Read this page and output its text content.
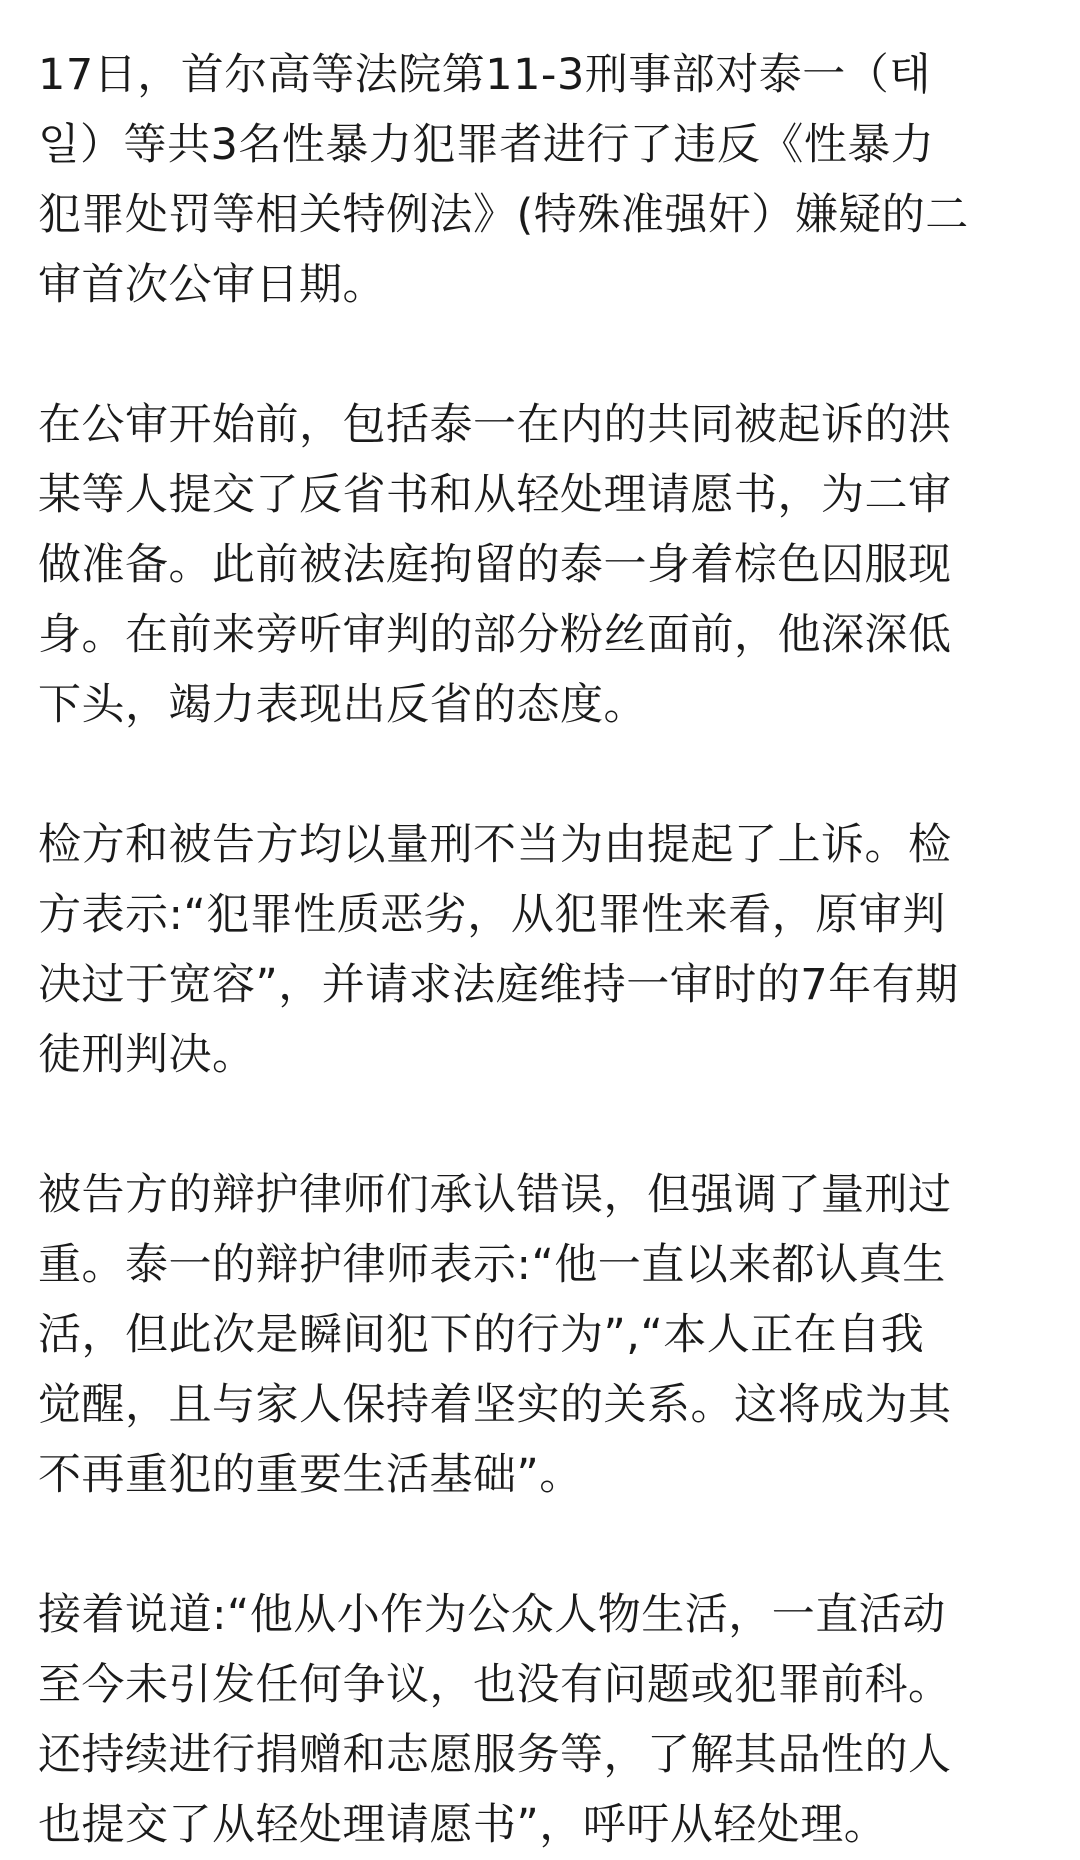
17日，首尔高等法院第11-3刑事部对泰一（태
일）等共3名性暴力犯罪者进行了违反《性暴力
犯罪处罚等相关特例法》(特殊准强奸）嫌疑的二
审首次公审日期。

在公审开始前，包括泰一在内的共同被起诉的洪
某等人提交了反省书和从轻处理请愿书，为二审
做准备。此前被法庭拘留的泰一身着棕色囚服现
身。在前来旁听审判的部分粉丝面前，他深深低
下头，竭力表现出反省的态度。

检方和被告方均以量刑不当为由提起了上诉。检
方表示:“犯罪性质恶劣，从犯罪性来看，原审判
决过于宽容”，并请求法庭维持一审时的7年有期
徒刑判决。

被告方的辩护律师们承认错误，但强调了量刑过
重。泰一的辩护律师表示:“他一直以来都认真生
活，但此次是瞬间犯下的行为”,“本人正在自我
觉醒，且与家人保持着坚实的关系。这将成为其
不再重犯的重要生活基础”。

接着说道:“他从小作为公众人物生活，一直活动
至今未引发任何争议，也没有问题或犯罪前科。
还持续进行捐赠和志愿服务等，了解其品性的人
也提交了从轻处理请愿书”，呼吁从轻处理。
